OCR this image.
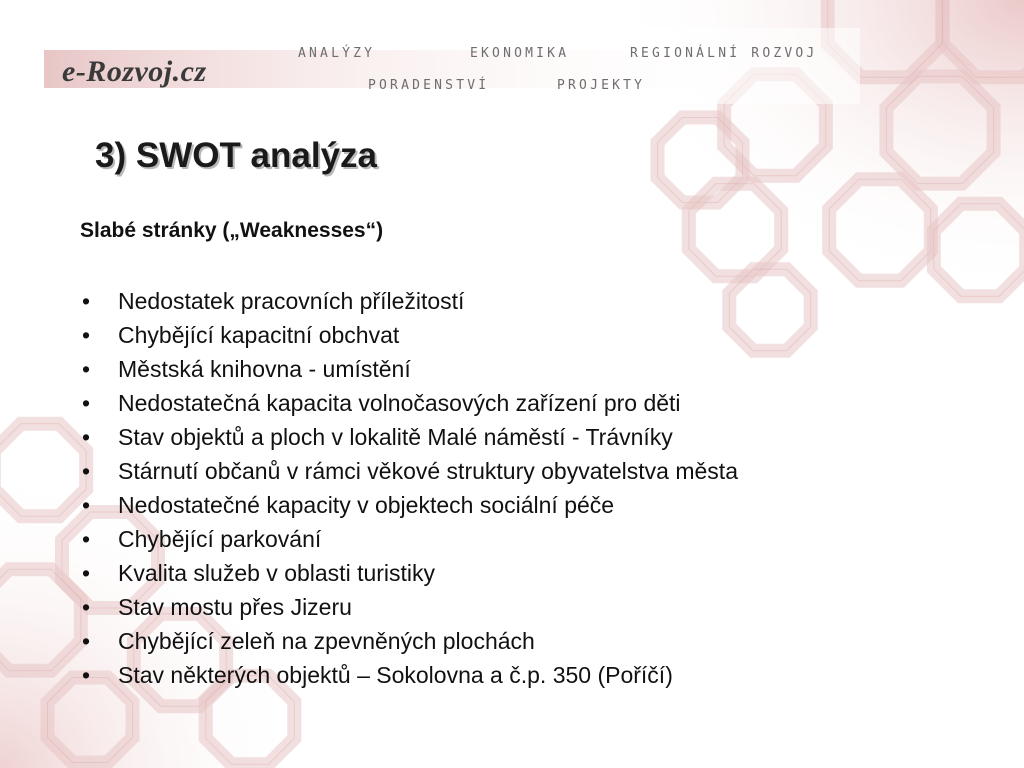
e-Rozvoj.cz
ANALÝZY	EKONOMIKA	REGIONÁLNÍ ROZVOJ
PORADENSTVÍ	PROJEKTY
3) SWOT analýza
Slabé stránky („Weaknesses“)
• Nedostatek pracovních příležitostí
• Chybějící kapacitní obchvat
• Městská knihovna - umístění
• Nedostatečná kapacita volnočasových zařízení pro děti
• Stav objektů a ploch v lokalitě Malé náměstí - Trávníky
• Stárnutí občanů v rámci věkové struktury obyvatelstva města
• Nedostatečné kapacity v objektech sociální péče
• Chybějící parkování
• Kvalita služeb v oblasti turistiky
• Stav mostu přes Jizeru
• Chybějící zeleň na zpevněných plochách
• Stav některých objektů – Sokolovna a č.p. 350 (Poříčí)
